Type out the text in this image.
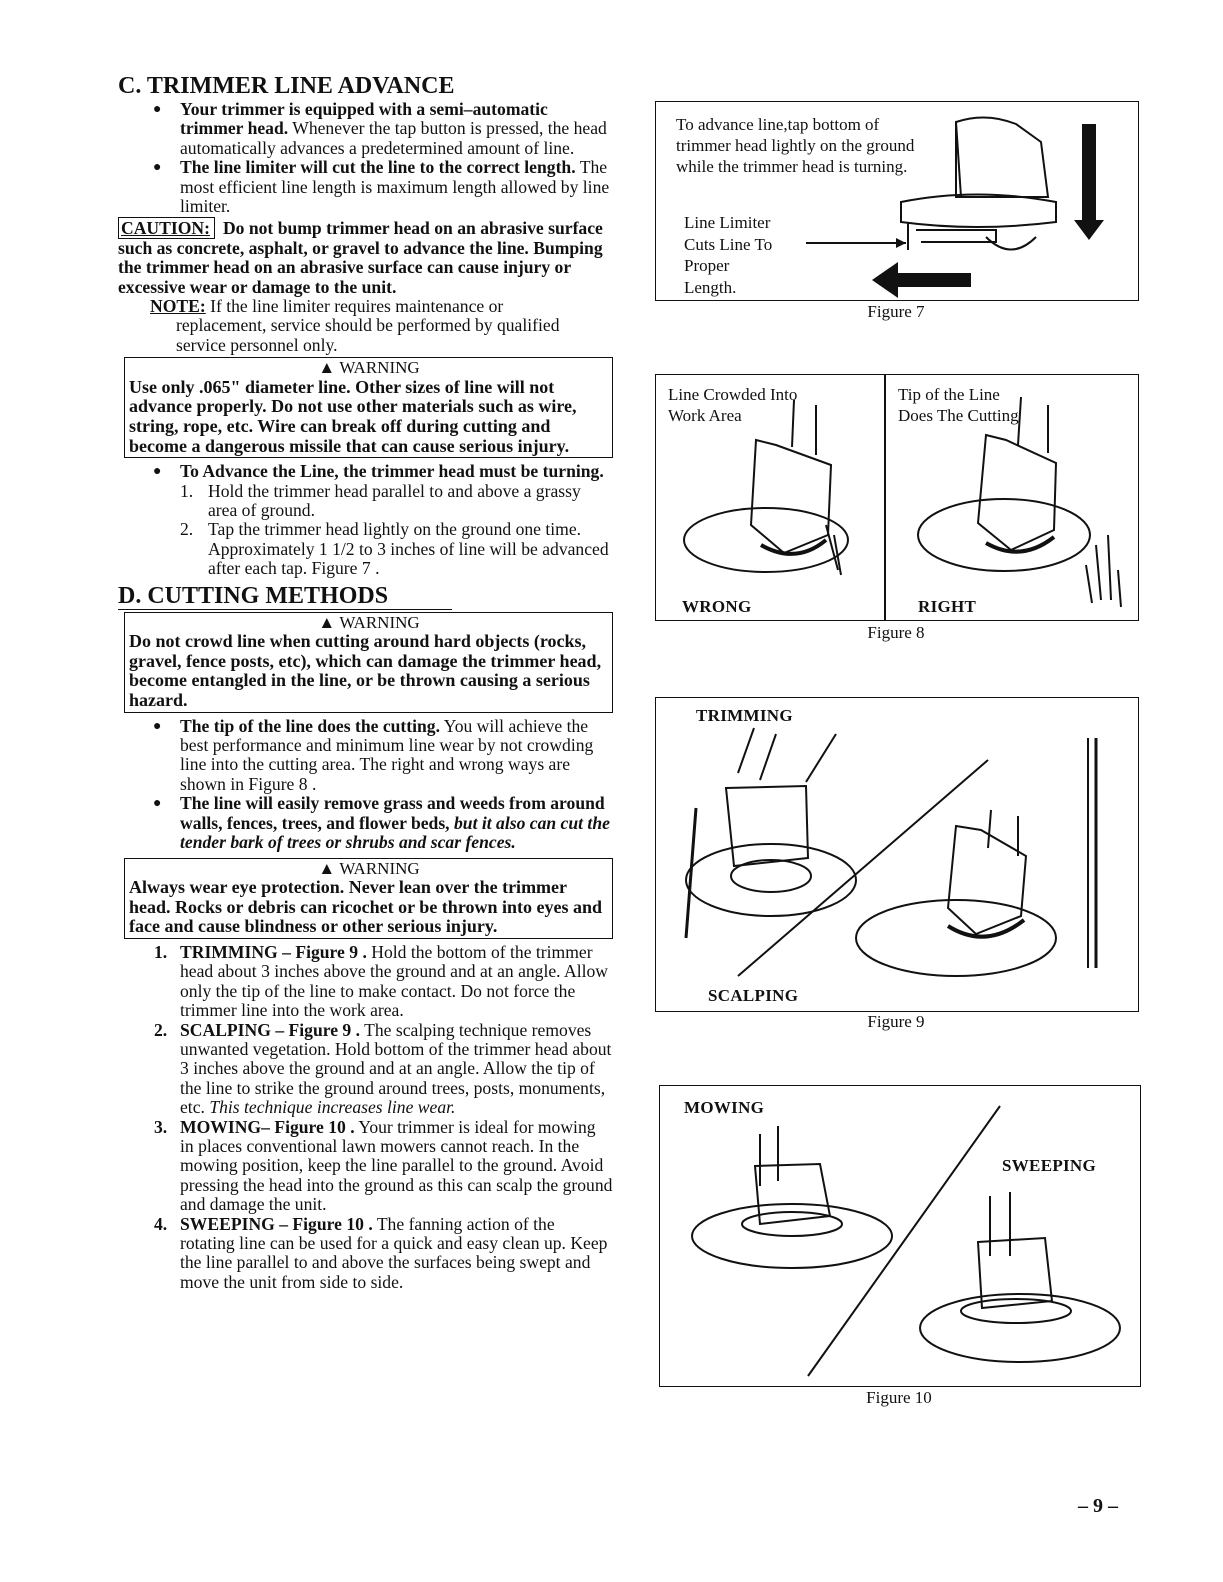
C. TRIMMER LINE ADVANCE
● Your trimmer is equipped with a semi–automatic trimmer head. Whenever the tap button is pressed, the head automatically advances a predetermined amount of line.
● The line limiter will cut the line to the correct length. The most efficient line length is maximum length allowed by line limiter.
CAUTION: Do not bump trimmer head on an abrasive surface such as concrete, asphalt, or gravel to advance the line. Bumping the trimmer head on an abrasive surface can cause injury or excessive wear or damage to the unit.
NOTE: If the line limiter requires maintenance or
replacement, service should be performed by qualified service personnel only.
▲ WARNING
Use only .065" diameter line. Other sizes of line will not advance properly. Do not use other materials such as wire, string, rope, etc. Wire can break off during cutting and become a dangerous missile that can cause serious injury.
● To Advance the Line, the trimmer head must be turning.
1. Hold the trimmer head parallel to and above a grassy area of ground.
2. Tap the trimmer head lightly on the ground one time. Approximately 1 1/2 to 3 inches of line will be advanced after each tap. Figure 7 .
D. CUTTING METHODS
▲ WARNING
Do not crowd line when cutting around hard objects (rocks, gravel, fence posts, etc), which can damage the trimmer head, become entangled in the line, or be thrown causing a serious hazard.
● The tip of the line does the cutting. You will achieve the best performance and minimum line wear by not crowding line into the cutting area. The right and wrong ways are shown in Figure 8 .
● The line will easily remove grass and weeds from around walls, fences, trees, and flower beds, but it also can cut the tender bark of trees or shrubs and scar fences.
▲ WARNING
Always wear eye protection. Never lean over the trimmer head. Rocks or debris can ricochet or be thrown into eyes and face and cause blindness or other serious injury.
1. TRIMMING – Figure 9 . Hold the bottom of the trimmer head about 3 inches above the ground and at an angle. Allow only the tip of the line to make contact. Do not force the trimmer line into the work area.
2. SCALPING – Figure 9 . The scalping technique removes unwanted vegetation. Hold bottom of the trimmer head about 3 inches above the ground and at an angle. Allow the tip of the line to strike the ground around trees, posts, monuments, etc. This technique increases line wear.
3. MOWING– Figure 10 . Your trimmer is ideal for mowing in places conventional lawn mowers cannot reach. In the mowing position, keep the line parallel to the ground. Avoid pressing the head into the ground as this can scalp the ground and damage the unit.
4. SWEEPING – Figure 10 . The fanning action of the rotating line can be used for a quick and easy clean up. Keep the line parallel to and above the surfaces being swept and move the unit from side to side.
To advance line,tap bottom of trimmer head lightly on the ground while the trimmer head is turning.
Line Limiter
Cuts Line To
Proper
Length.
Figure 7
Line Crowded Into
Work Area
Tip of the Line
Does The Cutting
WRONG	RIGHT
Figure 8
TRIMMING
SCALPING
Figure 9
MOWING
SWEEPING
Figure 10
– 9 –
